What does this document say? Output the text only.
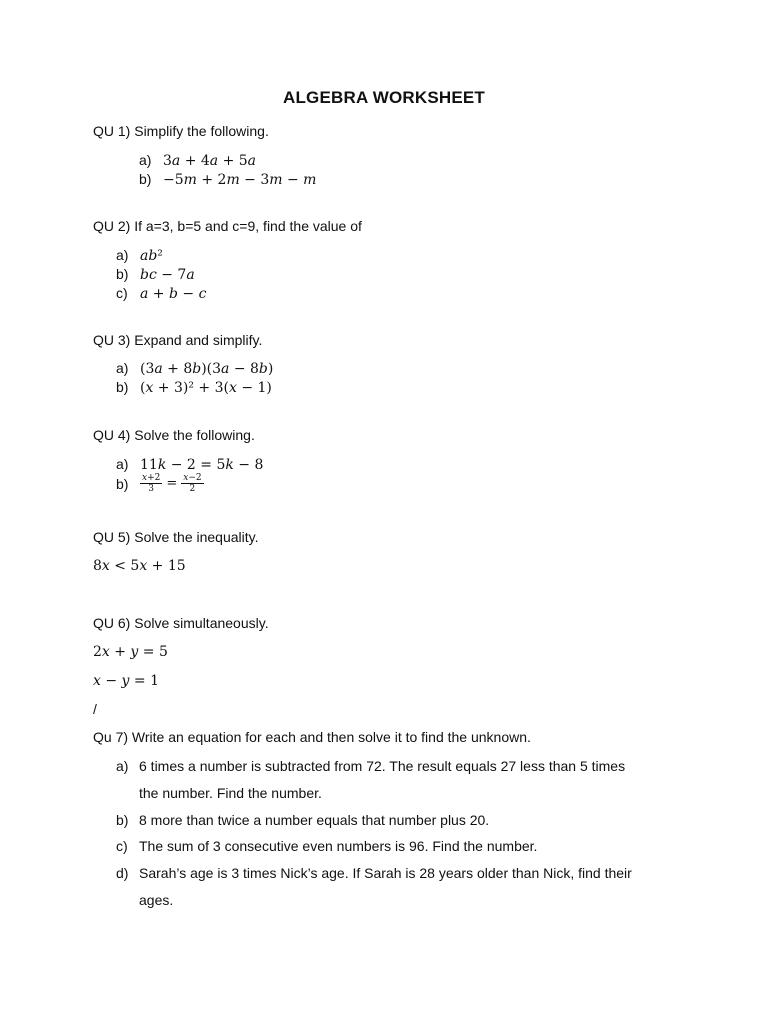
ALGEBRA WORKSHEET
QU 1) Simplify the following.
a) 3𝑎 + 4𝑎 + 5𝑎
b) −5𝑚 + 2𝑚 − 3𝑚 − 𝑚
QU 2) If a=3, b=5 and c=9, find the value of
a) 𝑎𝑏²
b) 𝑏𝑐 − 7𝑎
c) 𝑎 + 𝑏 − 𝑐
QU 3) Expand and simplify.
a) (3𝑎 + 8𝑏)(3𝑎 − 8𝑏)
b) (𝑥 + 3)² + 3(𝑥 − 1)
QU 4) Solve the following.
a) 11𝑘 − 2 = 5𝑘 − 8
b)	$\frac{\text{𝑥+2}}{3} = \frac{\text{𝑥−2}}{2}$
QU 5) Solve the inequality.
8𝑥 < 5𝑥 + 15
QU 6) Solve simultaneously.
2𝑥 + 𝑦 = 5
𝑥 − 𝑦 = 1
/
Qu 7) Write an equation for each and then solve it to find the unknown.
a) 6 times a number is subtracted from 72. The result equals 27 less than 5 times
the number. Find the number.
b) 8 more than twice a number equals that number plus 20.
c) The sum of 3 consecutive even numbers is 96. Find the number.
d) Sarah’s age is 3 times Nick’s age. If Sarah is 28 years older than Nick, find their
ages.
